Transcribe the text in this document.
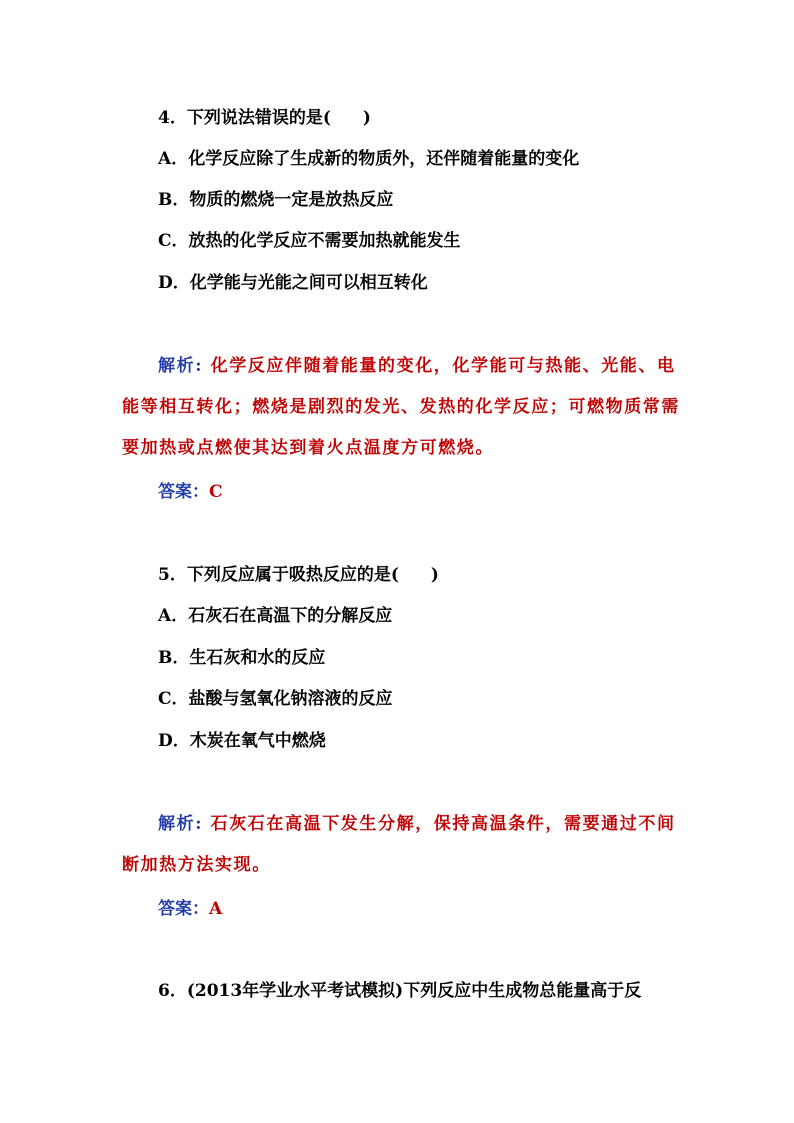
4．下列说法错误的是( )
A．化学反应除了生成新的物质外，还伴随着能量的变化
B．物质的燃烧一定是放热反应
C．放热的化学反应不需要加热就能发生
D．化学能与光能之间可以相互转化
解析: 化学反应伴随着能量的变化，化学能可与热能、光能、电能等相互转化；燃烧是剧烈的发光、发热的化学反应；可燃物质常需要加热或点燃使其达到着火点温度方可燃烧。
答案：C
5．下列反应属于吸热反应的是( )
A．石灰石在高温下的分解反应
B．生石灰和水的反应
C．盐酸与氢氧化钠溶液的反应
D．木炭在氧气中燃烧
解析: 石灰石在高温下发生分解，保持高温条件，需要通过不间断加热方法实现。
答案：A
6．(2013年学业水平考试模拟)下列反应中生成物总能量高于反
